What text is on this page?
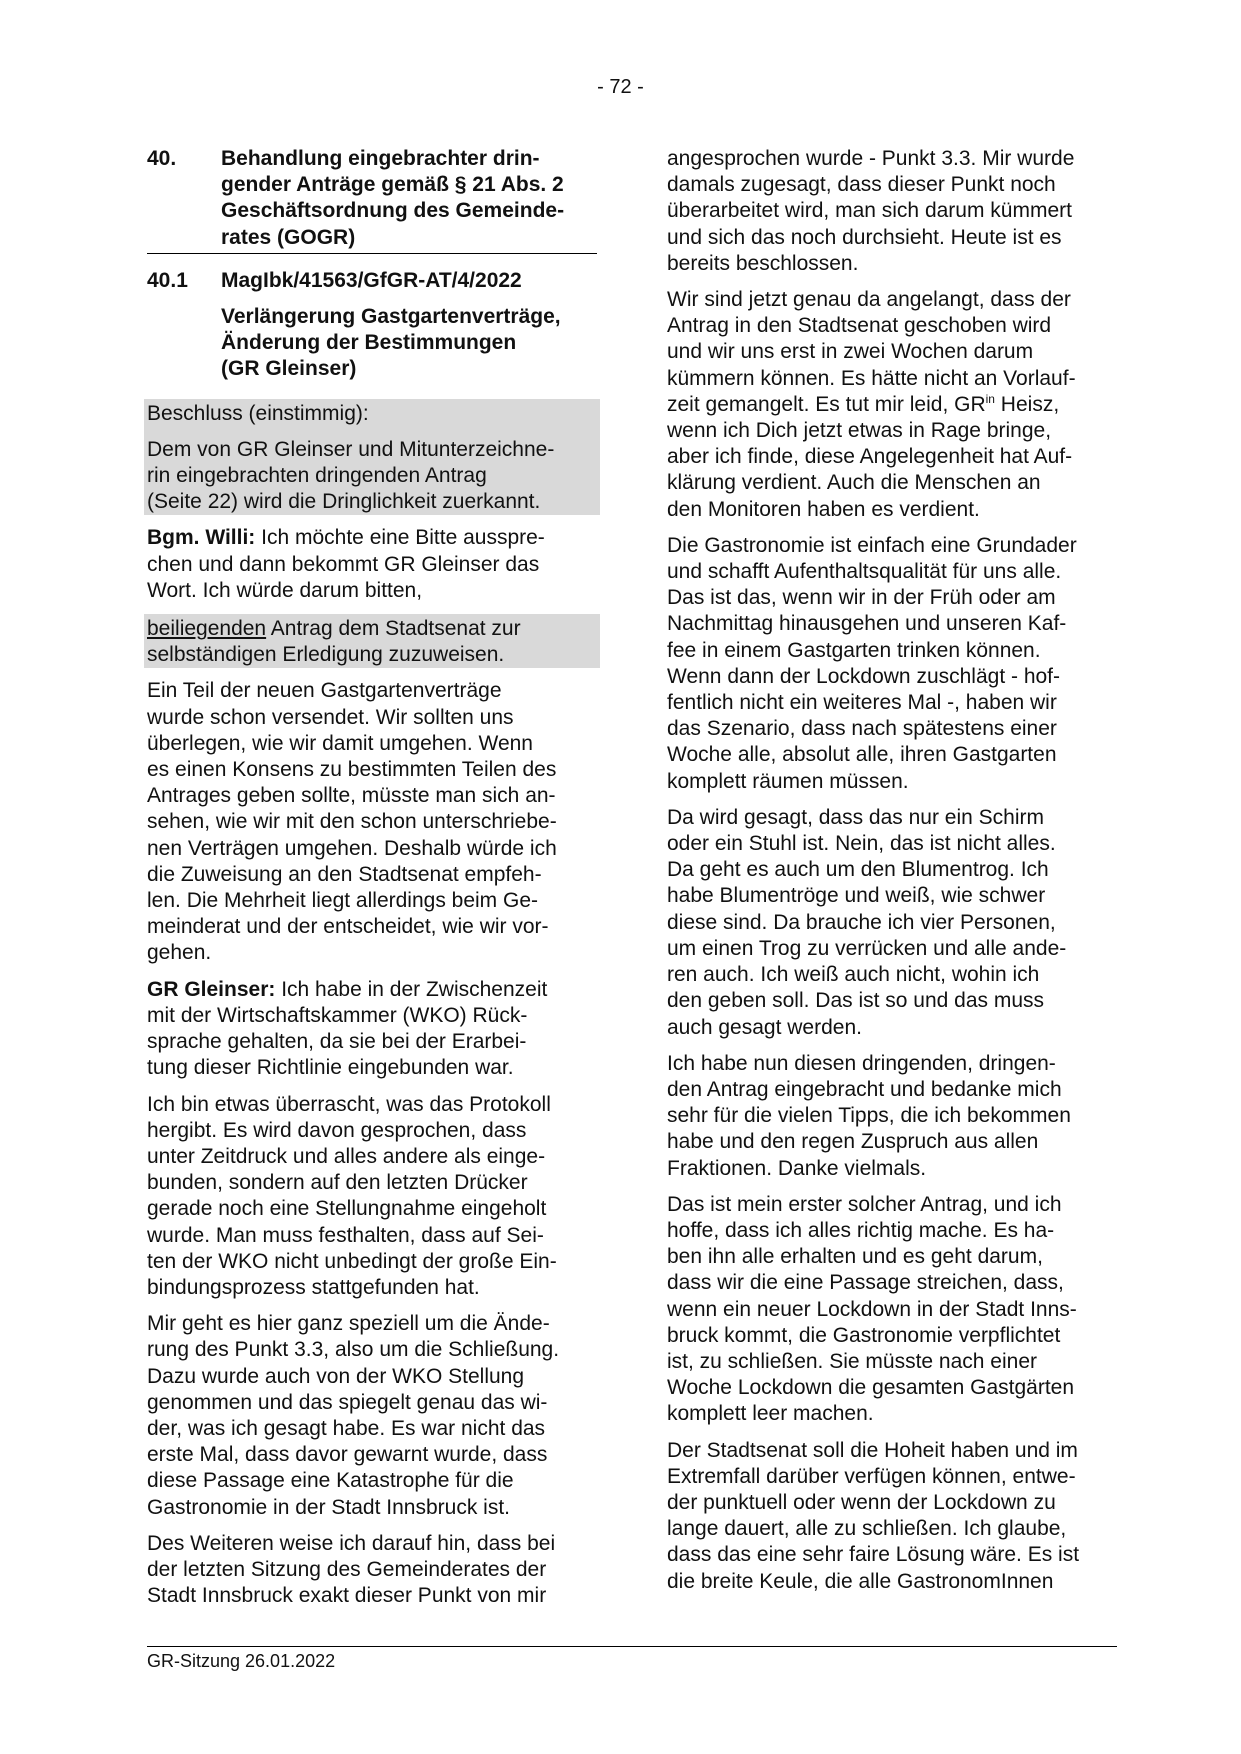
- 72 -
40.	Behandlung eingebrachter drin-
gender Anträge gemäß § 21 Abs. 2
Geschäftsordnung des Gemeinde-
rates (GOGR)
40.1	MagIbk/41563/GfGR-AT/4/2022
Verlängerung Gastgartenverträge,
Änderung der Bestimmungen
(GR Gleinser)

Beschluss (einstimmig):

Dem von GR Gleinser und Mitunterzeichne-
rin eingebrachten dringenden Antrag
(Seite 22) wird die Dringlichkeit zuerkannt.

Bgm. Willi: Ich möchte eine Bitte ausspre-
chen und dann bekommt GR Gleinser das
Wort. Ich würde darum bitten,

beiliegenden Antrag dem Stadtsenat zur
selbständigen Erledigung zuzuweisen.

Ein Teil der neuen Gastgartenverträge
wurde schon versendet. Wir sollten uns
überlegen, wie wir damit umgehen. Wenn
es einen Konsens zu bestimmten Teilen des
Antrages geben sollte, müsste man sich an-
sehen, wie wir mit den schon unterschriebe-
nen Verträgen umgehen. Deshalb würde ich
die Zuweisung an den Stadtsenat empfeh-
len. Die Mehrheit liegt allerdings beim Ge-
meinderat und der entscheidet, wie wir vor-
gehen.

GR Gleinser: Ich habe in der Zwischenzeit
mit der Wirtschaftskammer (WKO) Rück-
sprache gehalten, da sie bei der Erarbei-
tung dieser Richtlinie eingebunden war.

Ich bin etwas überrascht, was das Protokoll
hergibt. Es wird davon gesprochen, dass
unter Zeitdruck und alles andere als einge-
bunden, sondern auf den letzten Drücker
gerade noch eine Stellungnahme eingeholt
wurde. Man muss festhalten, dass auf Sei-
ten der WKO nicht unbedingt der große Ein-
bindungsprozess stattgefunden hat.

Mir geht es hier ganz speziell um die Ände-
rung des Punkt 3.3, also um die Schließung.
Dazu wurde auch von der WKO Stellung
genommen und das spiegelt genau das wi-
der, was ich gesagt habe. Es war nicht das
erste Mal, dass davor gewarnt wurde, dass
diese Passage eine Katastrophe für die
Gastronomie in der Stadt Innsbruck ist.

Des Weiteren weise ich darauf hin, dass bei
der letzten Sitzung des Gemeinderates der
Stadt Innsbruck exakt dieser Punkt von mir

angesprochen wurde - Punkt 3.3. Mir wurde
damals zugesagt, dass dieser Punkt noch
überarbeitet wird, man sich darum kümmert
und sich das noch durchsieht. Heute ist es
bereits beschlossen.

Wir sind jetzt genau da angelangt, dass der
Antrag in den Stadtsenat geschoben wird
und wir uns erst in zwei Wochen darum
kümmern können. Es hätte nicht an Vorlauf-
zeit gemangelt. Es tut mir leid, $GR^{in}$ Heisz,
wenn ich Dich jetzt etwas in Rage bringe,
aber ich finde, diese Angelegenheit hat Auf-
klärung verdient. Auch die Menschen an
den Monitoren haben es verdient.

Die Gastronomie ist einfach eine Grundader
und schafft Aufenthaltsqualität für uns alle.
Das ist das, wenn wir in der Früh oder am
Nachmittag hinausgehen und unseren Kaf-
fee in einem Gastgarten trinken können.
Wenn dann der Lockdown zuschlägt - hof-
fentlich nicht ein weiteres Mal -, haben wir
das Szenario, dass nach spätestens einer
Woche alle, absolut alle, ihren Gastgarten
komplett räumen müssen.

Da wird gesagt, dass das nur ein Schirm
oder ein Stuhl ist. Nein, das ist nicht alles.
Da geht es auch um den Blumentrog. Ich
habe Blumentröge und weiß, wie schwer
diese sind. Da brauche ich vier Personen,
um einen Trog zu verrücken und alle ande-
ren auch. Ich weiß auch nicht, wohin ich
den geben soll. Das ist so und das muss
auch gesagt werden.

Ich habe nun diesen dringenden, dringen-
den Antrag eingebracht und bedanke mich
sehr für die vielen Tipps, die ich bekommen
habe und den regen Zuspruch aus allen
Fraktionen. Danke vielmals.

Das ist mein erster solcher Antrag, und ich
hoffe, dass ich alles richtig mache. Es ha-
ben ihn alle erhalten und es geht darum,
dass wir die eine Passage streichen, dass,
wenn ein neuer Lockdown in der Stadt Inns-
bruck kommt, die Gastronomie verpflichtet
ist, zu schließen. Sie müsste nach einer
Woche Lockdown die gesamten Gastgärten
komplett leer machen.

Der Stadtsenat soll die Hoheit haben und im
Extremfall darüber verfügen können, entwe-
der punktuell oder wenn der Lockdown zu
lange dauert, alle zu schließen. Ich glaube,
dass das eine sehr faire Lösung wäre. Es ist
die breite Keule, die alle GastronomInnen

GR-Sitzung 26.01.2022
